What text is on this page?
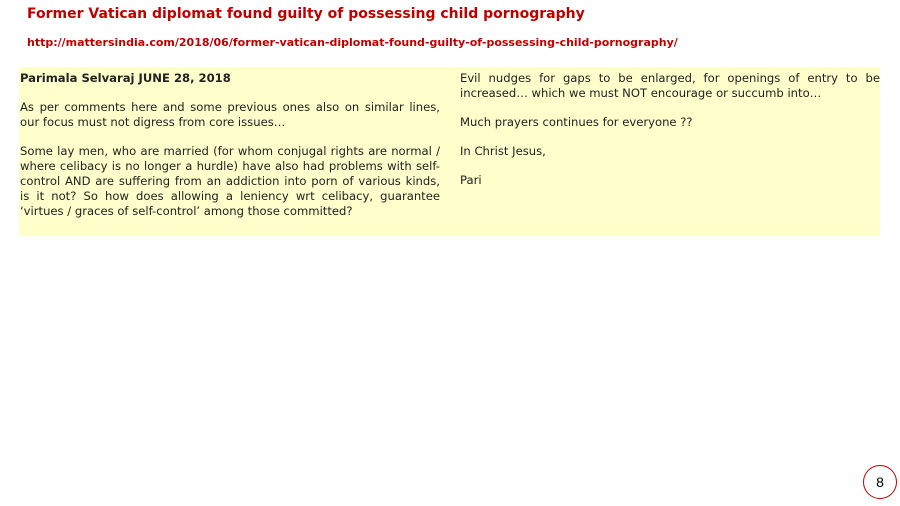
Former Vatican diplomat found guilty of possessing child pornography
http://mattersindia.com/2018/06/former-vatican-diplomat-found-guilty-of-possessing-child-pornography/

Parimala Selvaraj JUNE 28, 2018

As per comments here and some previous ones also on similar lines, our focus must not digress from core issues…

Some lay men, who are married (for whom conjugal rights are normal / where celibacy is no longer a hurdle) have also had problems with self-control AND are suffering from an addiction into porn of various kinds, is it not? So how does allowing a leniency wrt celibacy, guarantee ‘virtues / graces of self-control’ among those committed?

Evil nudges for gaps to be enlarged, for openings of entry to be increased… which we must NOT encourage or succumb into…

Much prayers continues for everyone ??

In Christ Jesus,

Pari

8
